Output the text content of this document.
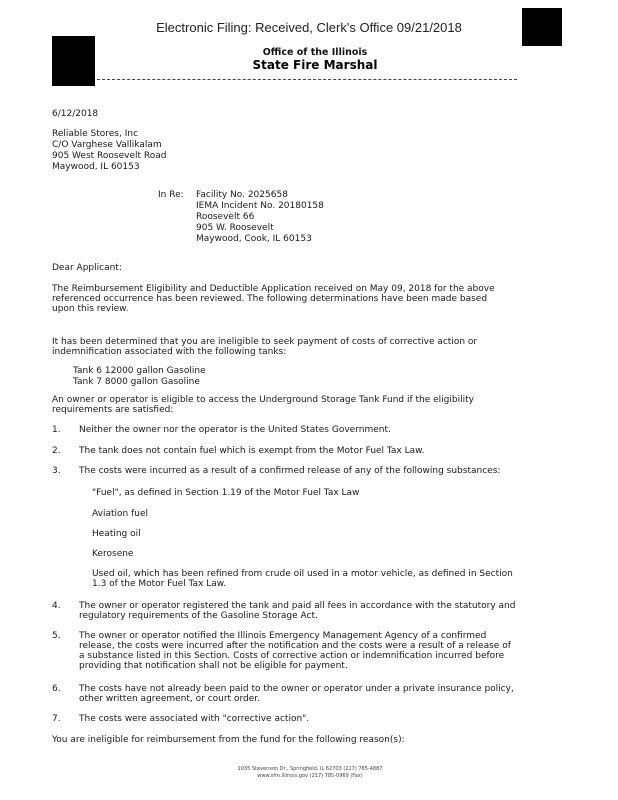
Electronic Filing: Received, Clerk's Office 09/21/2018
Office of the Illinois
State Fire Marshal
6/12/2018
Reliable Stores, Inc
C/O Varghese Vallikalam
905 West Roosevelt Road
Maywood, IL 60153
In Re: Facility No. 2025658
IEMA Incident No. 20180158
Roosevelt 66
905 W. Roosevelt
Maywood, Cook, IL 60153
Dear Applicant:
The Reimbursement Eligibility and Deductible Application received on May 09, 2018 for the above referenced occurrence has been reviewed. The following determinations have been made based upon this review.
It has been determined that you are ineligible to seek payment of costs of corrective action or indemnification associated with the following tanks:
Tank 6 12000 gallon Gasoline
Tank 7 8000 gallon Gasoline
An owner or operator is eligible to access the Underground Storage Tank Fund if the eligibility requirements are satisfied:
1. Neither the owner nor the operator is the United States Government.
2. The tank does not contain fuel which is exempt from the Motor Fuel Tax Law.
3. The costs were incurred as a result of a confirmed release of any of the following substances:
"Fuel", as defined in Section 1.19 of the Motor Fuel Tax Law
Aviation fuel
Heating oil
Kerosene
Used oil, which has been refined from crude oil used in a motor vehicle, as defined in Section 1.3 of the Motor Fuel Tax Law.
4. The owner or operator registered the tank and paid all fees in accordance with the statutory and regulatory requirements of the Gasoline Storage Act.
5. The owner or operator notified the Illinois Emergency Management Agency of a confirmed release, the costs were incurred after the notification and the costs were a result of a release of a substance listed in this Section. Costs of corrective action or indemnification incurred before providing that notification shall not be eligible for payment.
6. The costs have not already been paid to the owner or operator under a private insurance policy, other written agreement, or court order.
7. The costs were associated with "corrective action".
You are ineligible for reimbursement from the fund for the following reason(s):
1035 Stevenson Dr., Springfield, IL 62703 (217) 785-4887
www.sfm.illinois.gov (217) 785-0969 (Fax)
